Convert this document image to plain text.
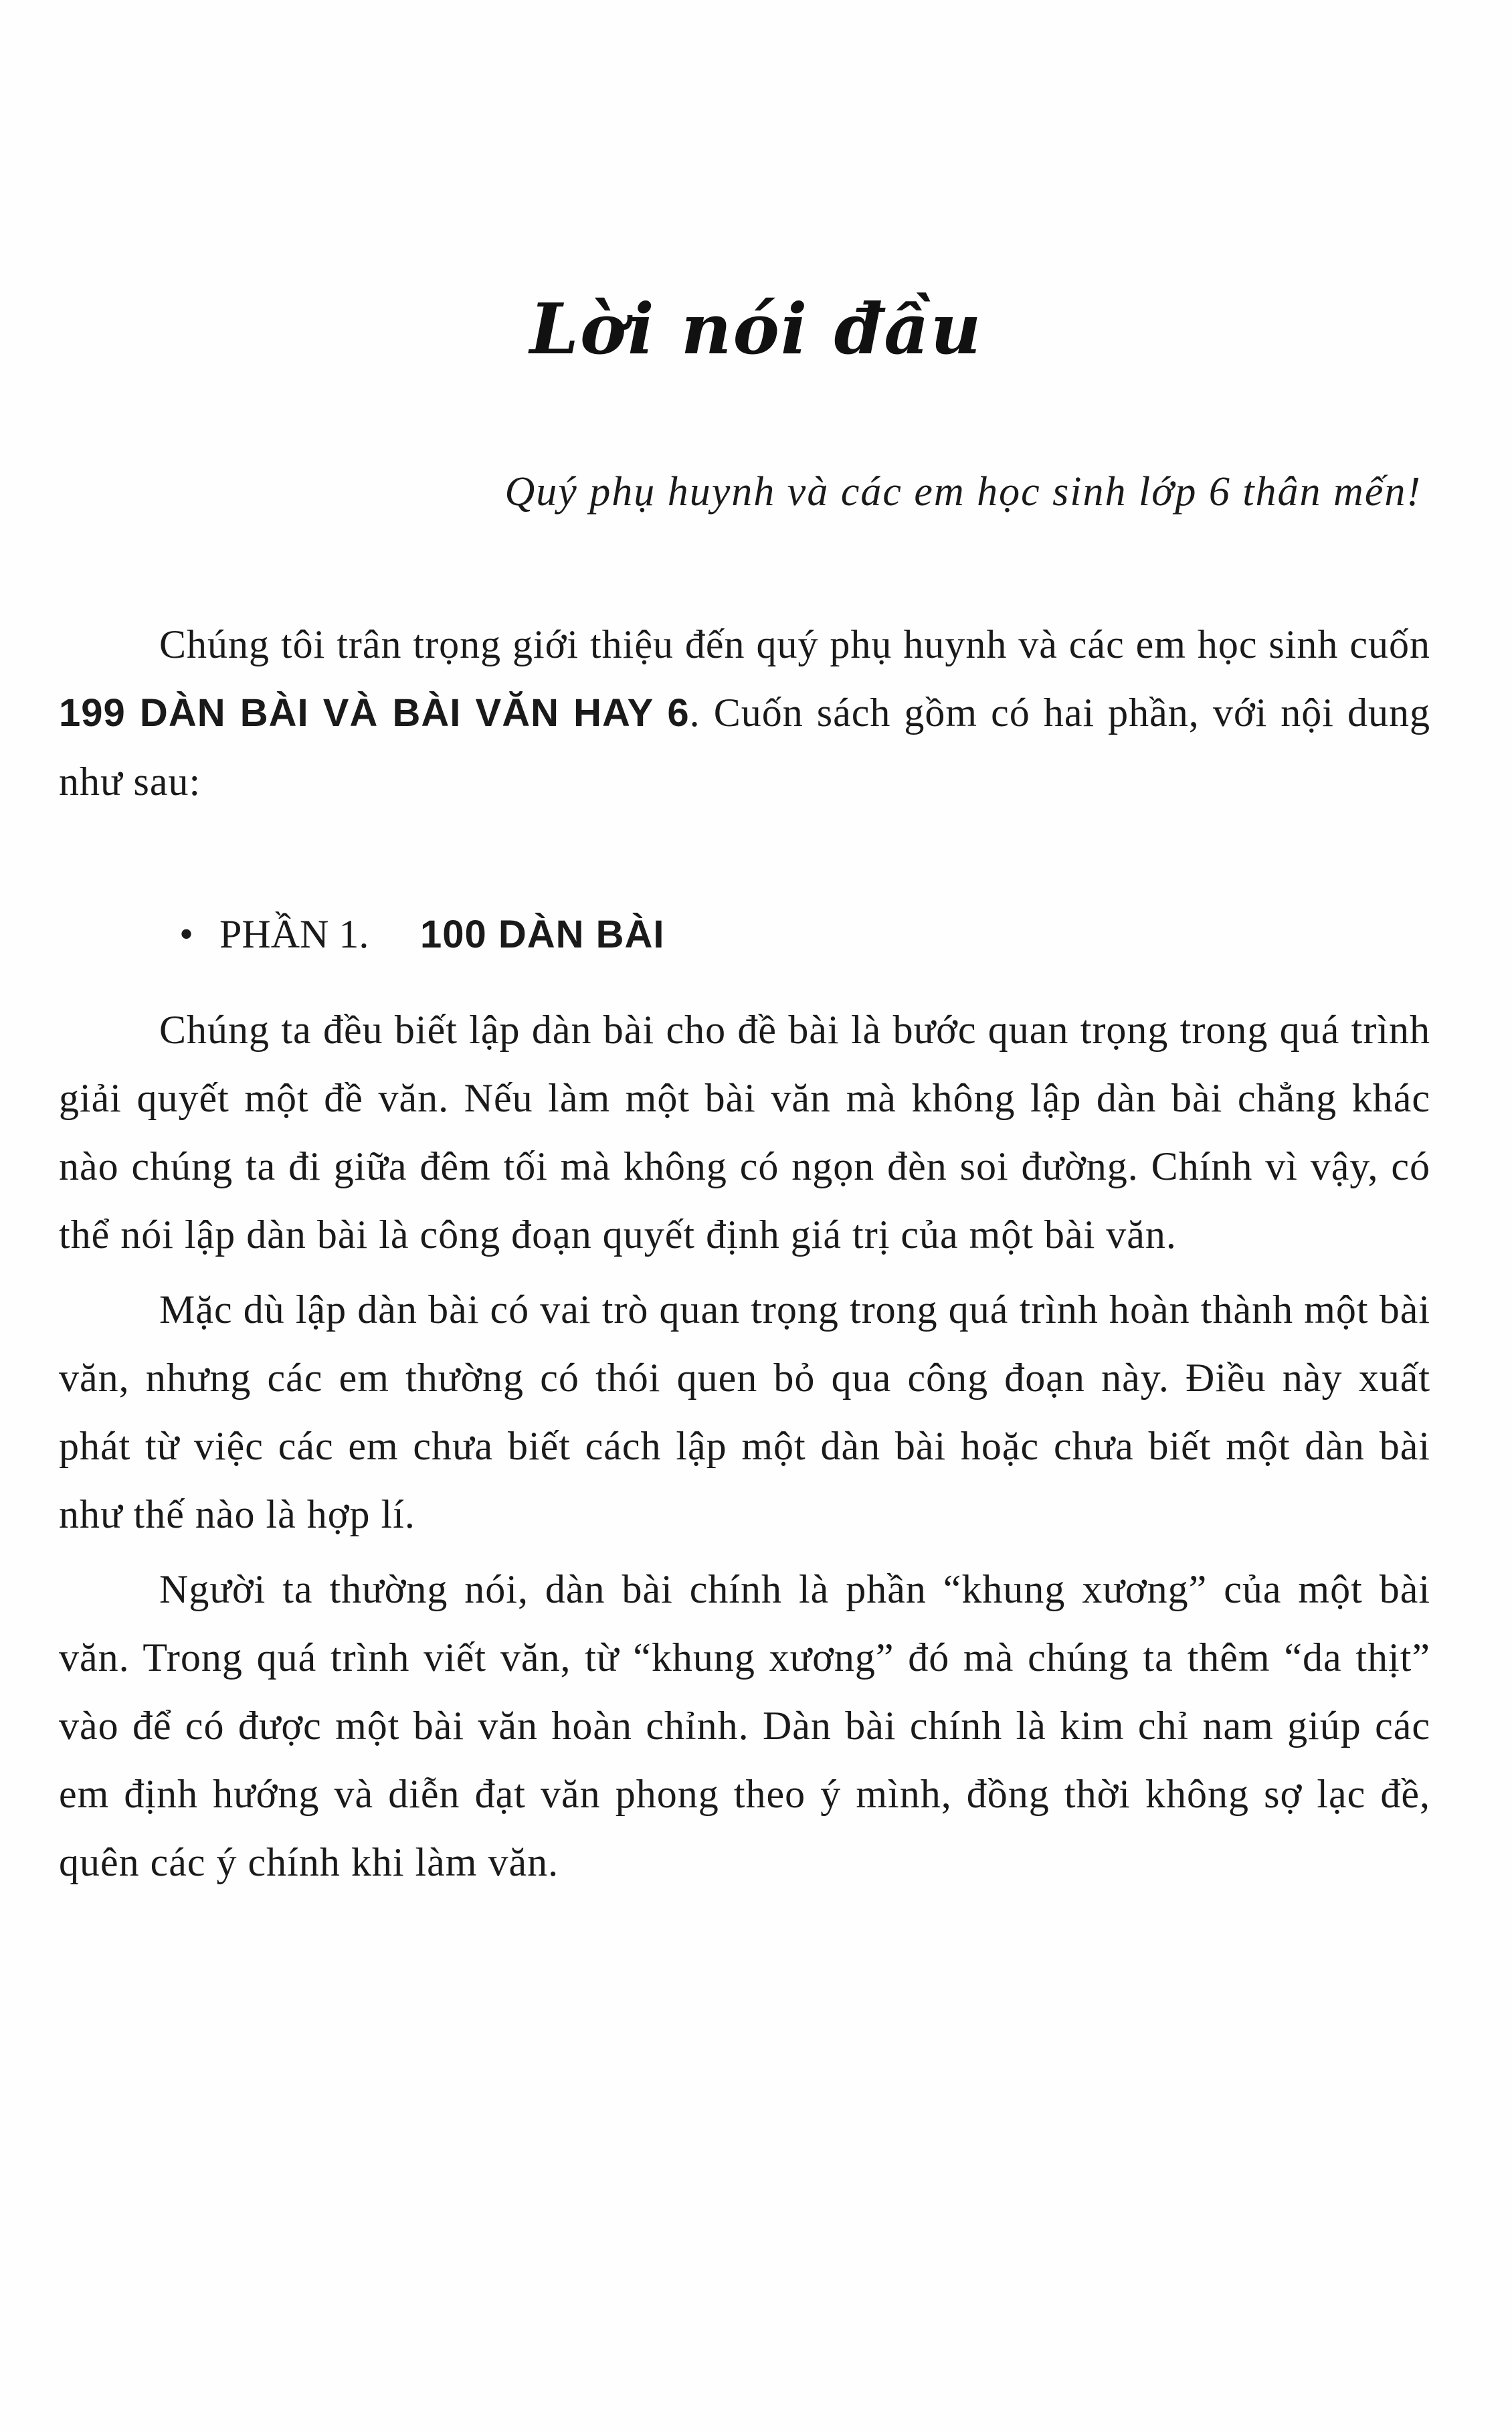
Lời nói đầu
Quý phụ huynh và các em học sinh lớp 6 thân mến!

Chúng tôi trân trọng giới thiệu đến quý phụ huynh và các em học sinh cuốn 199 DÀN BÀI VÀ BÀI VĂN HAY 6. Cuốn sách gồm có hai phần, với nội dung như sau:

• PHẦN 1. 100 DÀN BÀI

Chúng ta đều biết lập dàn bài cho đề bài là bước quan trọng trong quá trình giải quyết một đề văn. Nếu làm một bài văn mà không lập dàn bài chẳng khác nào chúng ta đi giữa đêm tối mà không có ngọn đèn soi đường. Chính vì vậy, có thể nói lập dàn bài là công đoạn quyết định giá trị của một bài văn.

Mặc dù lập dàn bài có vai trò quan trọng trong quá trình hoàn thành một bài văn, nhưng các em thường có thói quen bỏ qua công đoạn này. Điều này xuất phát từ việc các em chưa biết cách lập một dàn bài hoặc chưa biết một dàn bài như thế nào là hợp lí.

Người ta thường nói, dàn bài chính là phần “khung xương” của một bài văn. Trong quá trình viết văn, từ “khung xương” đó mà chúng ta thêm “da thịt” vào để có được một bài văn hoàn chỉnh. Dàn bài chính là kim chỉ nam giúp các em định hướng và diễn đạt văn phong theo ý mình, đồng thời không sợ lạc đề, quên các ý chính khi làm văn.
